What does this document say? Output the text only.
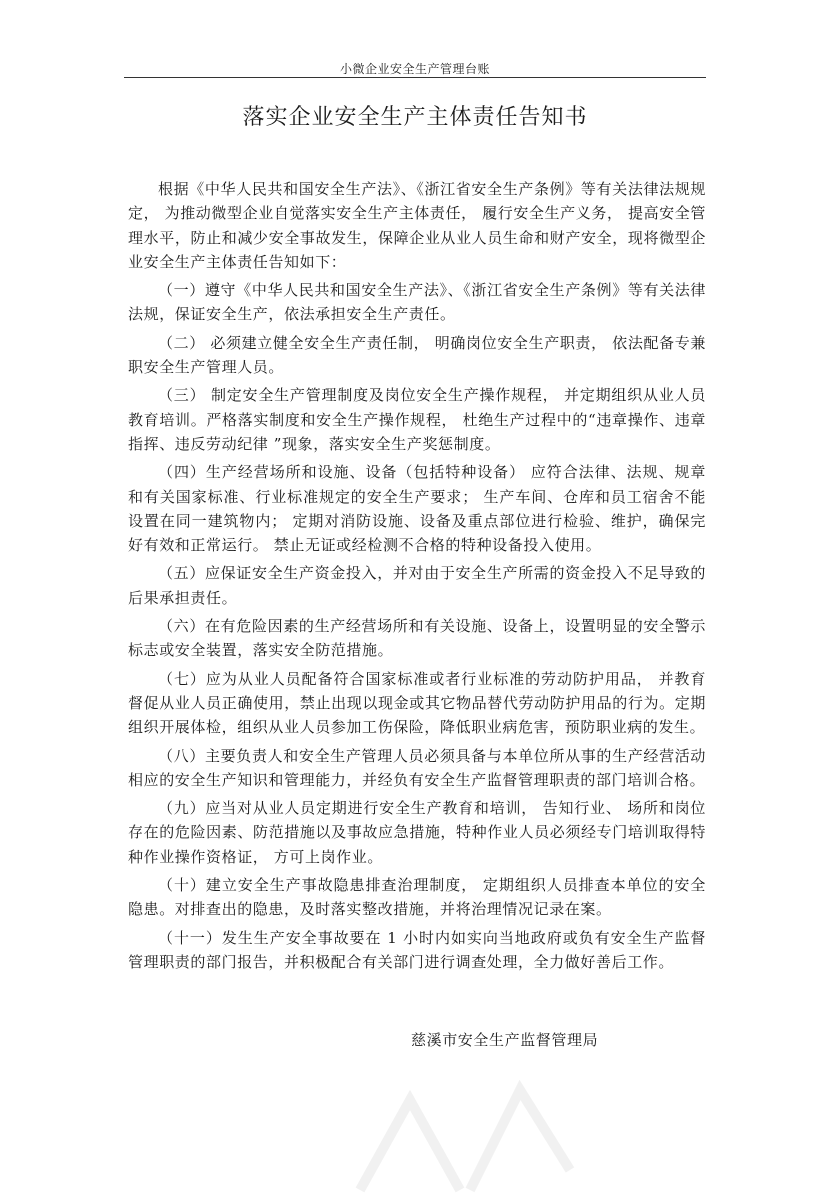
小微企业安全生产管理台账
落实企业安全生产主体责任告知书

根据《中华人民共和国安全生产法》、《浙江省安全生产条例》等有关法律法规规定， 为推动微型企业自觉落实安全生产主体责任， 履行安全生产义务， 提高安全管理水平，防止和减少安全事故发生，保障企业从业人员生命和财产安全，现将微型企业安全生产主体责任告知如下：

（一）遵守《中华人民共和国安全生产法》、《浙江省安全生产条例》等有关法律法规，保证安全生产，依法承担安全生产责任。

（二） 必须建立健全安全生产责任制， 明确岗位安全生产职责， 依法配备专兼职安全生产管理人员。

（三） 制定安全生产管理制度及岗位安全生产操作规程， 并定期组织从业人员教育培训。严格落实制度和安全生产操作规程， 杜绝生产过程中的“违章操作、违章指挥、违反劳动纪律 ”现象，落实安全生产奖惩制度。

（四）生产经营场所和设施、设备（包括特种设备） 应符合法律、法规、规章和有关国家标准、行业标准规定的安全生产要求； 生产车间、仓库和员工宿舍不能设置在同一建筑物内； 定期对消防设施、设备及重点部位进行检验、维护，确保完好有效和正常运行。 禁止无证或经检测不合格的特种设备投入使用。

（五）应保证安全生产资金投入，并对由于安全生产所需的资金投入不足导致的后果承担责任。

（六）在有危险因素的生产经营场所和有关设施、设备上，设置明显的安全警示标志或安全装置，落实安全防范措施。

（七）应为从业人员配备符合国家标准或者行业标准的劳动防护用品， 并教育督促从业人员正确使用，禁止出现以现金或其它物品替代劳动防护用品的行为。定期组织开展体检，组织从业人员参加工伤保险，降低职业病危害，预防职业病的发生。

（八）主要负责人和安全生产管理人员必须具备与本单位所从事的生产经营活动相应的安全生产知识和管理能力，并经负有安全生产监督管理职责的部门培训合格。

（九）应当对从业人员定期进行安全生产教育和培训， 告知行业、 场所和岗位存在的危险因素、防范措施以及事故应急措施，特种作业人员必须经专门培训取得特种作业操作资格证， 方可上岗作业。

（十）建立安全生产事故隐患排查治理制度， 定期组织人员排查本单位的安全隐患。对排查出的隐患，及时落实整改措施，并将治理情况记录在案。

（十一）发生生产安全事故要在 1 小时内如实向当地政府或负有安全生产监督管理职责的部门报告，并积极配合有关部门进行调查处理，全力做好善后工作。

慈溪市安全生产监督管理局
